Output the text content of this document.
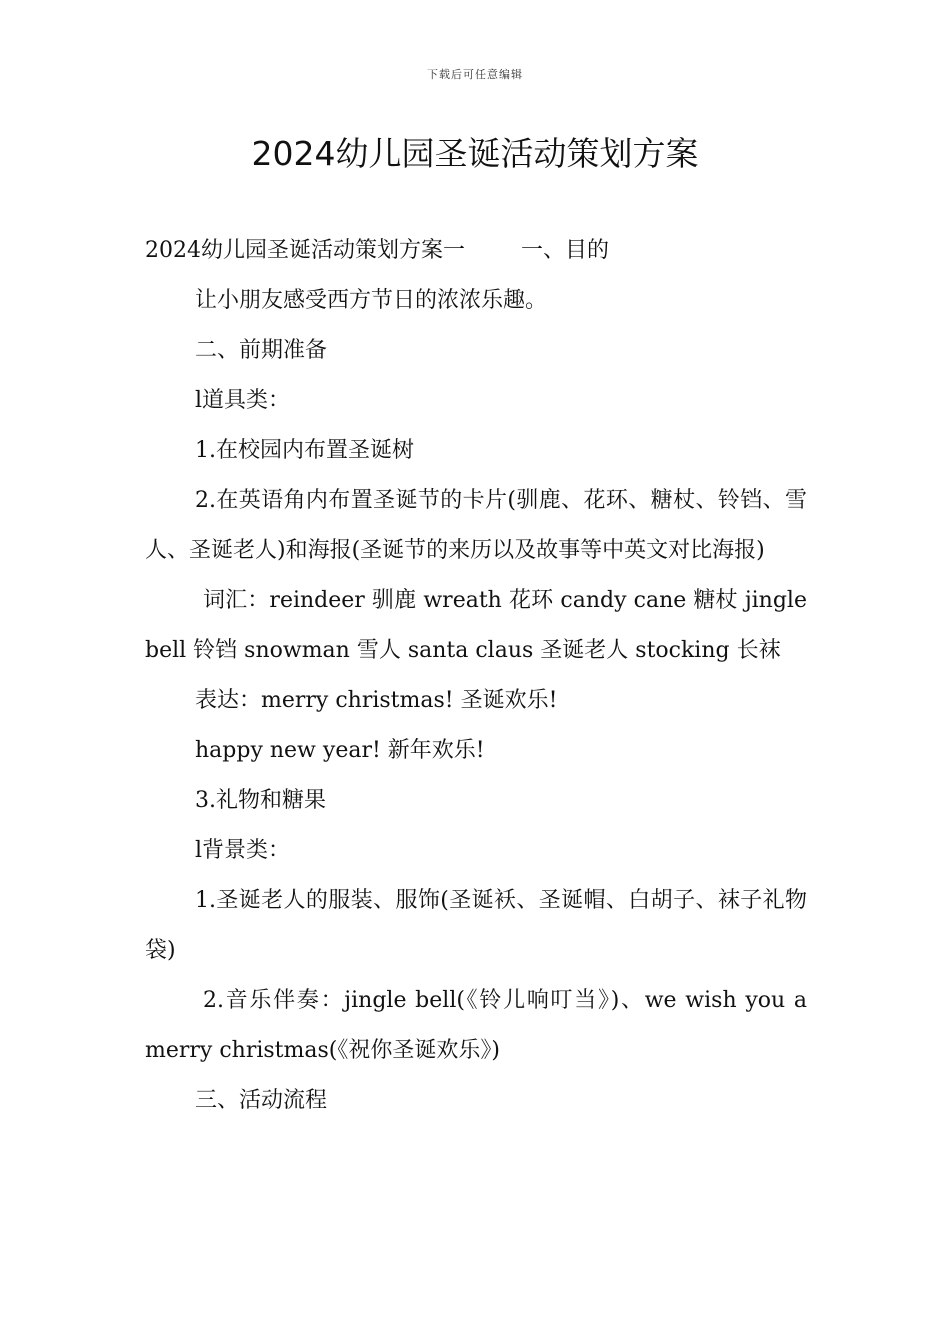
下载后可任意编辑
2024幼儿园圣诞活动策划方案

2024幼儿园圣诞活动策划方案一	一、目的

让小朋友感受西方节日的浓浓乐趣。

二、前期准备

l道具类：

1.在校园内布置圣诞树

2.在英语角内布置圣诞节的卡片(驯鹿、花环、糖杖、铃铛、雪人、圣诞老人)和海报(圣诞节的来历以及故事等中英文对比海报)

词汇：reindeer 驯鹿 wreath 花环 candy cane 糖杖 jingle bell 铃铛 snowman 雪人 santa claus 圣诞老人 stocking 长袜

表达：merry christmas! 圣诞欢乐!

happy new year! 新年欢乐!

3.礼物和糖果

l背景类：

1.圣诞老人的服装、服饰(圣诞袄、圣诞帽、白胡子、袜子礼物袋)

2.音乐伴奏：jingle bell(《铃儿响叮当》)、we wish you a merry christmas(《祝你圣诞欢乐》)

三、活动流程
